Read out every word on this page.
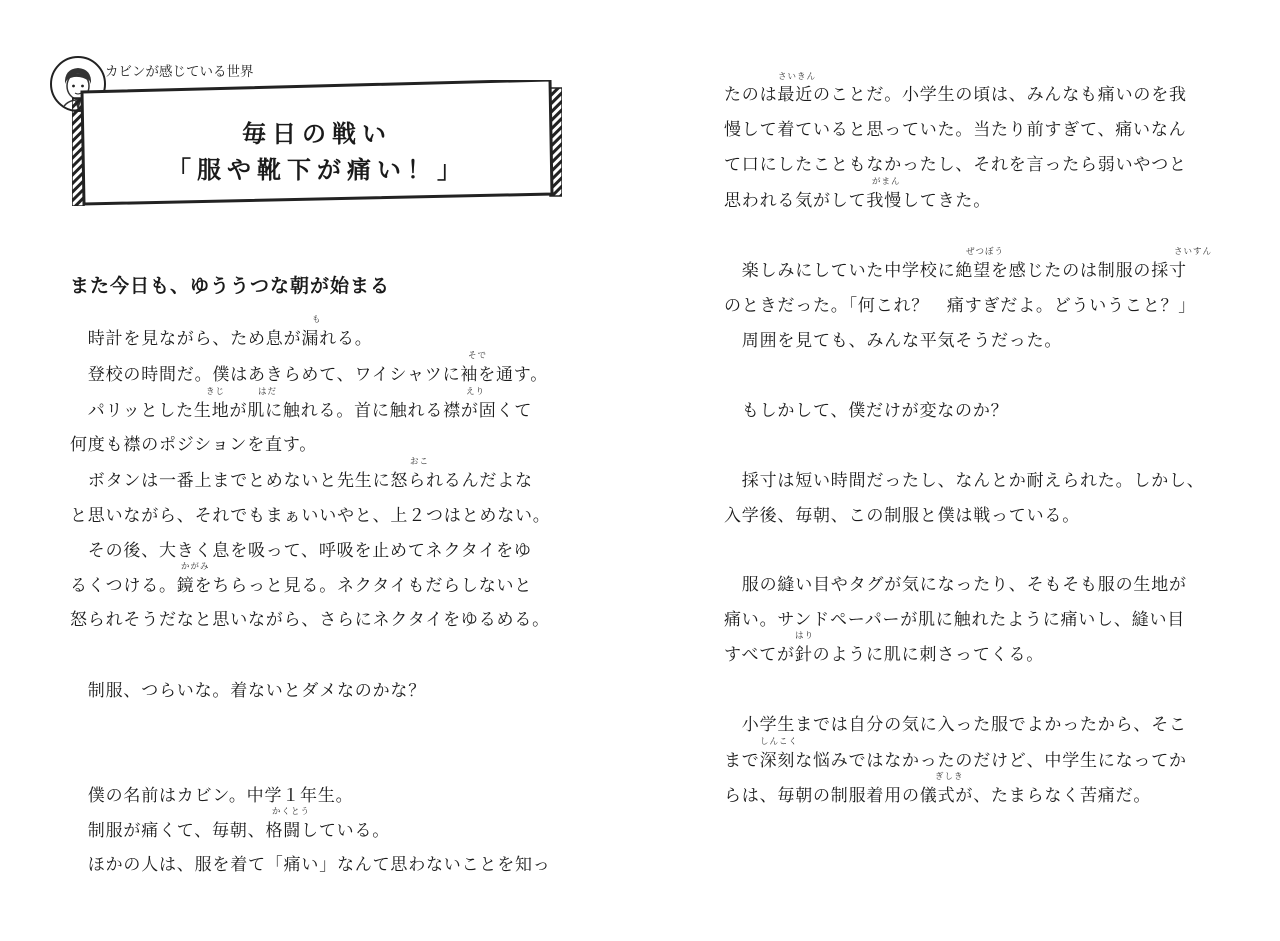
カビンが感じている世界
毎日の戦い
「服や靴下が痛い！」
また今日も、ゆううつな朝が始まる
　時計を見ながら、ため息が漏れる。
　登校の時間だ。僕はあきらめて、ワイシャツに袖を通す。
　パリッとした生地が肌に触れる。首に触れる襟が固くて
何度も襟のポジションを直す。
　ボタンは一番上までとめないと先生に怒られるんだよな
と思いながら、それでもまぁいいやと、上２つはとめない。
　その後、大きく息を吸って、呼吸を止めてネクタイをゆ
るくつける。鏡をちらっと見る。ネクタイもだらしないと
怒られそうだなと思いながら、さらにネクタイをゆるめる。
　制服、つらいな。着ないとダメなのかな？
　僕の名前はカビン。中学１年生。
　制服が痛くて、毎朝、格闘している。
　ほかの人は、服を着て「痛い」なんて思わないことを知っ
も
そで
きじ	はだ	えり
おこ
かがみ
かくとう
たのは最近のことだ。小学生の頃は、みんなも痛いのを我
慢して着ていると思っていた。当たり前すぎて、痛いなん
て口にしたこともなかったし、それを言ったら弱いやつと
思われる気がして我慢してきた。
　楽しみにしていた中学校に絶望を感じたのは制服の採寸
のときだった。「何これ？　痛すぎだよ。どういうこと？」
　周囲を見ても、みんな平気そうだった。
　もしかして、僕だけが変なのか？
　採寸は短い時間だったし、なんとか耐えられた。しかし、
入学後、毎朝、この制服と僕は戦っている。
　服の縫い目やタグが気になったり、そもそも服の生地が
痛い。サンドペーパーが肌に触れたように痛いし、縫い目
すべてが針のように肌に刺さってくる。
　小学生までは自分の気に入った服でよかったから、そこ
まで深刻な悩みではなかったのだけど、中学生になってか
らは、毎朝の制服着用の儀式が、たまらなく苦痛だ。
さいきん
がまん
ぜつぼう	さいすん
はり
しんこく
ぎしき
